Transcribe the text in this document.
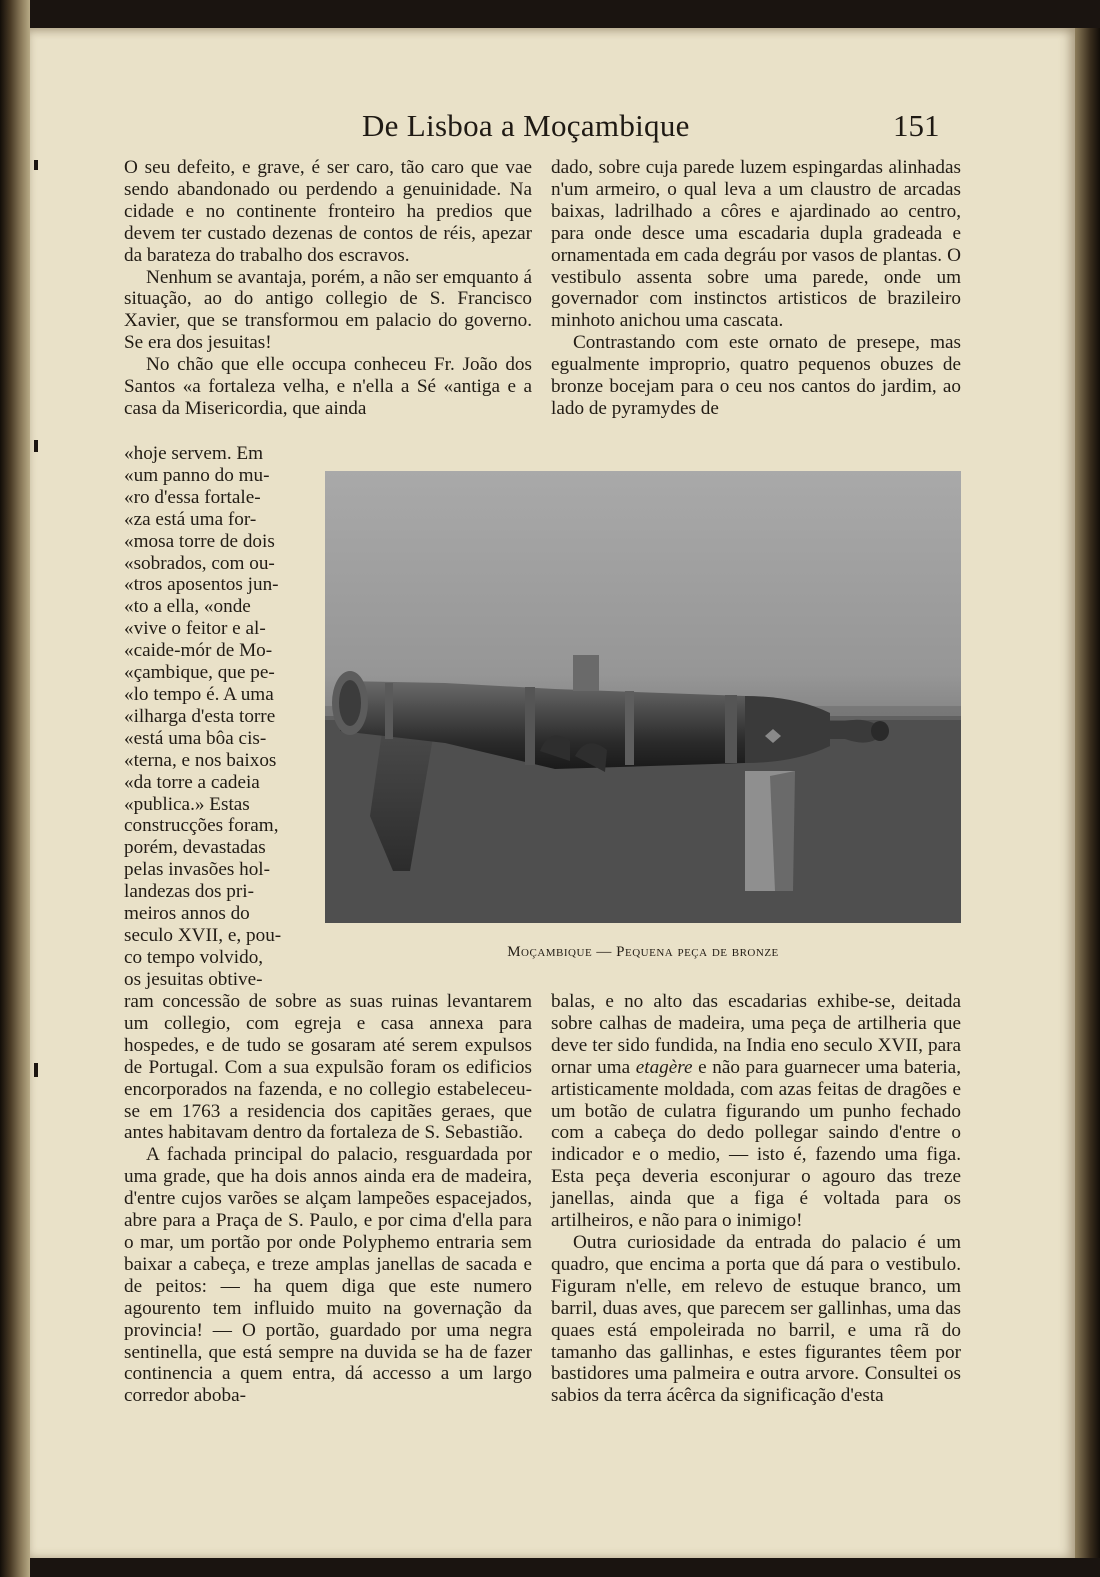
De Lisboa a Moçambique	151

O seu defeito, e grave, é ser caro, tão caro que vae sendo abandonado ou perdendo a genuinidade. Na cidade e no continente fronteiro ha predios que devem ter custado dezenas de contos de réis, apezar da barateza do trabalho dos escravos.

Nenhum se avantaja, porém, a não ser emquanto á situação, ao do antigo collegio de S. Francisco Xavier, que se transformou em palacio do governo. Se era dos jesuitas!

No chão que elle occupa conheceu Fr. João dos Santos «a fortaleza velha, e n'ella a Sé «antiga e a casa da Misericordia, que ainda

«hoje servem. Em
«um panno do mu-
«ro d'essa fortale-
«za está uma for-
«mosa torre de dois
«sobrados, com ou-
«tros aposentos jun-
«to a ella, «onde
«vive o feitor e al-
«caide-mór de Mo-
«çambique, que pe-
«lo tempo é. A uma
«ilharga d'esta torre
«está uma bôa cis-
«terna, e nos baixos
«da torre a cadeia
«publica.» Estas
construcções foram,
porém, devastadas
pelas invasões hol-
landezas dos pri-
meiros annos do
seculo XVII, e, pou-
co tempo volvido,
os jesuitas obtive-

ram concessão de sobre as suas ruinas levantarem um collegio, com egreja e casa annexa para hospedes, e de tudo se gosaram até serem expulsos de Portugal. Com a sua expulsão foram os edificios encorporados na fazenda, e no collegio estabeleceu-se em 1763 a residencia dos capitães geraes, que antes habitavam dentro da fortaleza de S. Sebastião.

A fachada principal do palacio, resguardada por uma grade, que ha dois annos ainda era de madeira, d'entre cujos varões se alçam lampeões espacejados, abre para a Praça de S. Paulo, e por cima d'ella para o mar, um portão por onde Polyphemo entraria sem baixar a cabeça, e treze amplas janellas de sacada e de peitos: — ha quem diga que este numero agourento tem influido muito na governação da provincia! — O portão, guardado por uma negra sentinella, que está sempre na duvida se ha de fazer continencia a quem entra, dá accesso a um largo corredor aboba-

dado, sobre cuja parede luzem espingardas alinhadas n'um armeiro, o qual leva a um claustro de arcadas baixas, ladrilhado a côres e ajardinado ao centro, para onde desce uma escadaria dupla gradeada e ornamentada em cada degráu por vasos de plantas. O vestibulo assenta sobre uma parede, onde um governador com instinctos artisticos de brazileiro minhoto anichou uma cascata.

Contrastando com este ornato de presepe, mas egualmente improprio, quatro pequenos obuzes de bronze bocejam para o ceu nos cantos do jardim, ao lado de pyramydes de

Moçambique — Pequena peça de bronze

balas, e no alto das escadarias exhibe-se, deitada sobre calhas de madeira, uma peça de artilheria que deve ter sido fundida, na India eno seculo XVII, para ornar uma etagère e não para guarnecer uma bateria, artisticamente moldada, com azas feitas de dragões e um botão de culatra figurando um punho fechado com a cabeça do dedo pollegar saindo d'entre o indicador e o medio, — isto é, fazendo uma figa. Esta peça deveria esconjurar o agouro das treze janellas, ainda que a figa é voltada para os artilheiros, e não para o inimigo!

Outra curiosidade da entrada do palacio é um quadro, que encima a porta que dá para o vestibulo. Figuram n'elle, em relevo de estuque branco, um barril, duas aves, que parecem ser gallinhas, uma das quaes está empoleirada no barril, e uma rã do tamanho das gallinhas, e estes figurantes têem por bastidores uma palmeira e outra arvore. Consultei os sabios da terra ácêrca da significação d'esta
